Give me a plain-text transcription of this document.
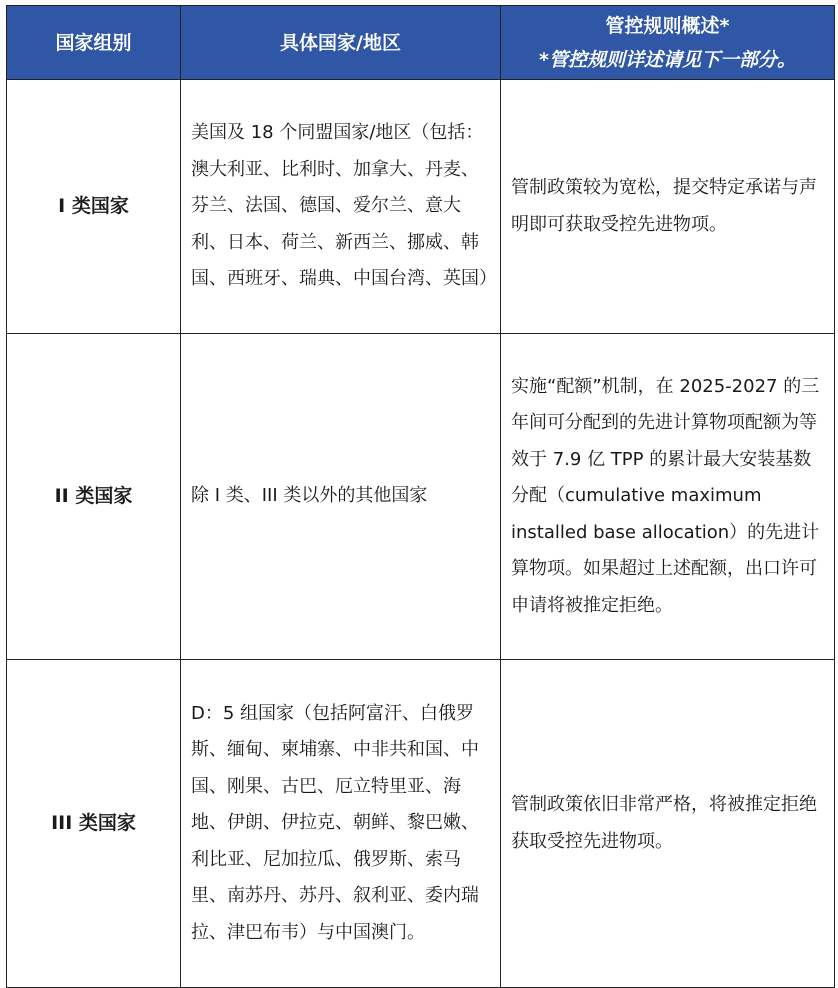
国家组别	具体国家/地区	管控规则概述*
*管控规则详述请见下一部分。

I 类国家	美国及 18 个同盟国家/地区（包括：澳大利亚、比利时、加拿大、丹麦、芬兰、法国、德国、爱尔兰、意大利、日本、荷兰、新西兰、挪威、韩国、西班牙、瑞典、中国台湾、英国）	管制政策较为宽松，提交特定承诺与声明即可获取受控先进物项。
II 类国家	除 I 类、III 类以外的其他国家	实施“配额”机制，在 2025-2027 的三年间可分配到的先进计算物项配额为等效于 7.9 亿 TPP 的累计最大安装基数分配（cumulative maximum installed base allocation）的先进计算物项。如果超过上述配额，出口许可申请将被推定拒绝。
III 类国家	D：5 组国家（包括阿富汗、白俄罗斯、缅甸、柬埔寨、中非共和国、中国、刚果、古巴、厄立特里亚、海地、伊朗、伊拉克、朝鲜、黎巴嫩、利比亚、尼加拉瓜、俄罗斯、索马里、南苏丹、苏丹、叙利亚、委内瑞拉、津巴布韦）与中国澳门。	管制政策依旧非常严格，将被推定拒绝获取受控先进物项。
